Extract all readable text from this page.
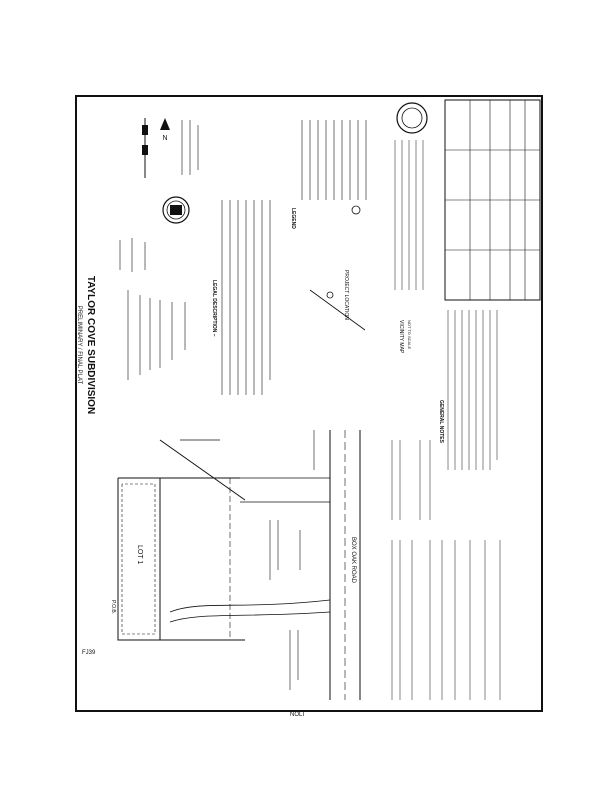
FJ39
NOLT
TAYLOR COVE SUBDIVISION
PRELIMINARY / FINAL PLAT	LEGAL DESCRIPTION –
N
LOT 1	BOX OAK ROAD
P.O.B.
PROJECT LOCATION
VICINITY MAP NOT TO SCALE
LEGEND
GENERAL NOTES
